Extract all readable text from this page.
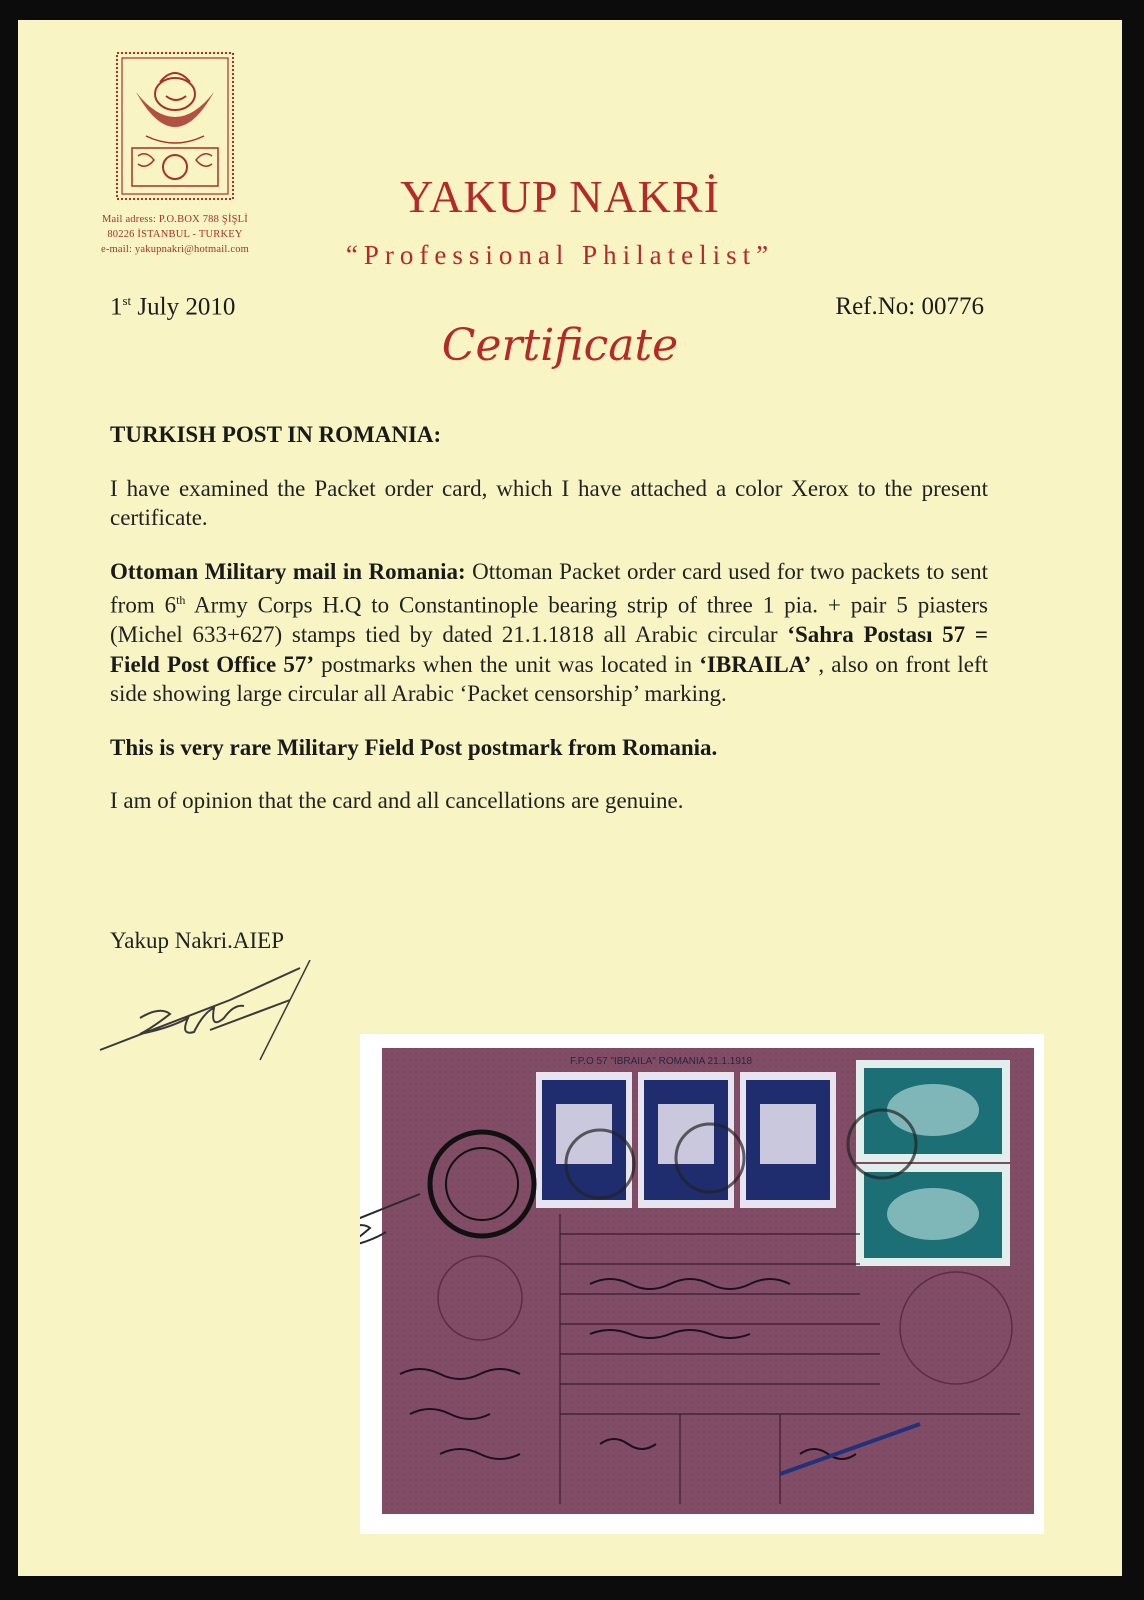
Mail adress: P.O.BOX 788 ŞİŞLİ
80226 İSTANBUL - TURKEY
e-mail: yakupnakri@hotmail.com
YAKUP NAKRİ
“Professional Philatelist”
1st July 2010	Ref.No: 00776
Certificate

TURKISH POST IN ROMANIA:

I have examined the Packet order card, which I have attached a color Xerox to the present certificate.

Ottoman Military mail in Romania: Ottoman Packet order card used for two packets to sent from 6th Army Corps H.Q to Constantinople bearing strip of three 1 pia. + pair 5 piasters (Michel 633+627) stamps tied by dated 21.1.1818 all Arabic circular ‘Sahra Postası 57 = Field Post Office 57’ postmarks when the unit was located in ‘IBRAILA’ , also on front left side showing large circular all Arabic ‘Packet censorship’ marking.

This is very rare Military Field Post postmark from Romania.

I am of opinion that the card and all cancellations are genuine.

Yakup Nakri.AIEP
F.P.O 57 "IBRAILA" ROMANIA 21.1.1918
